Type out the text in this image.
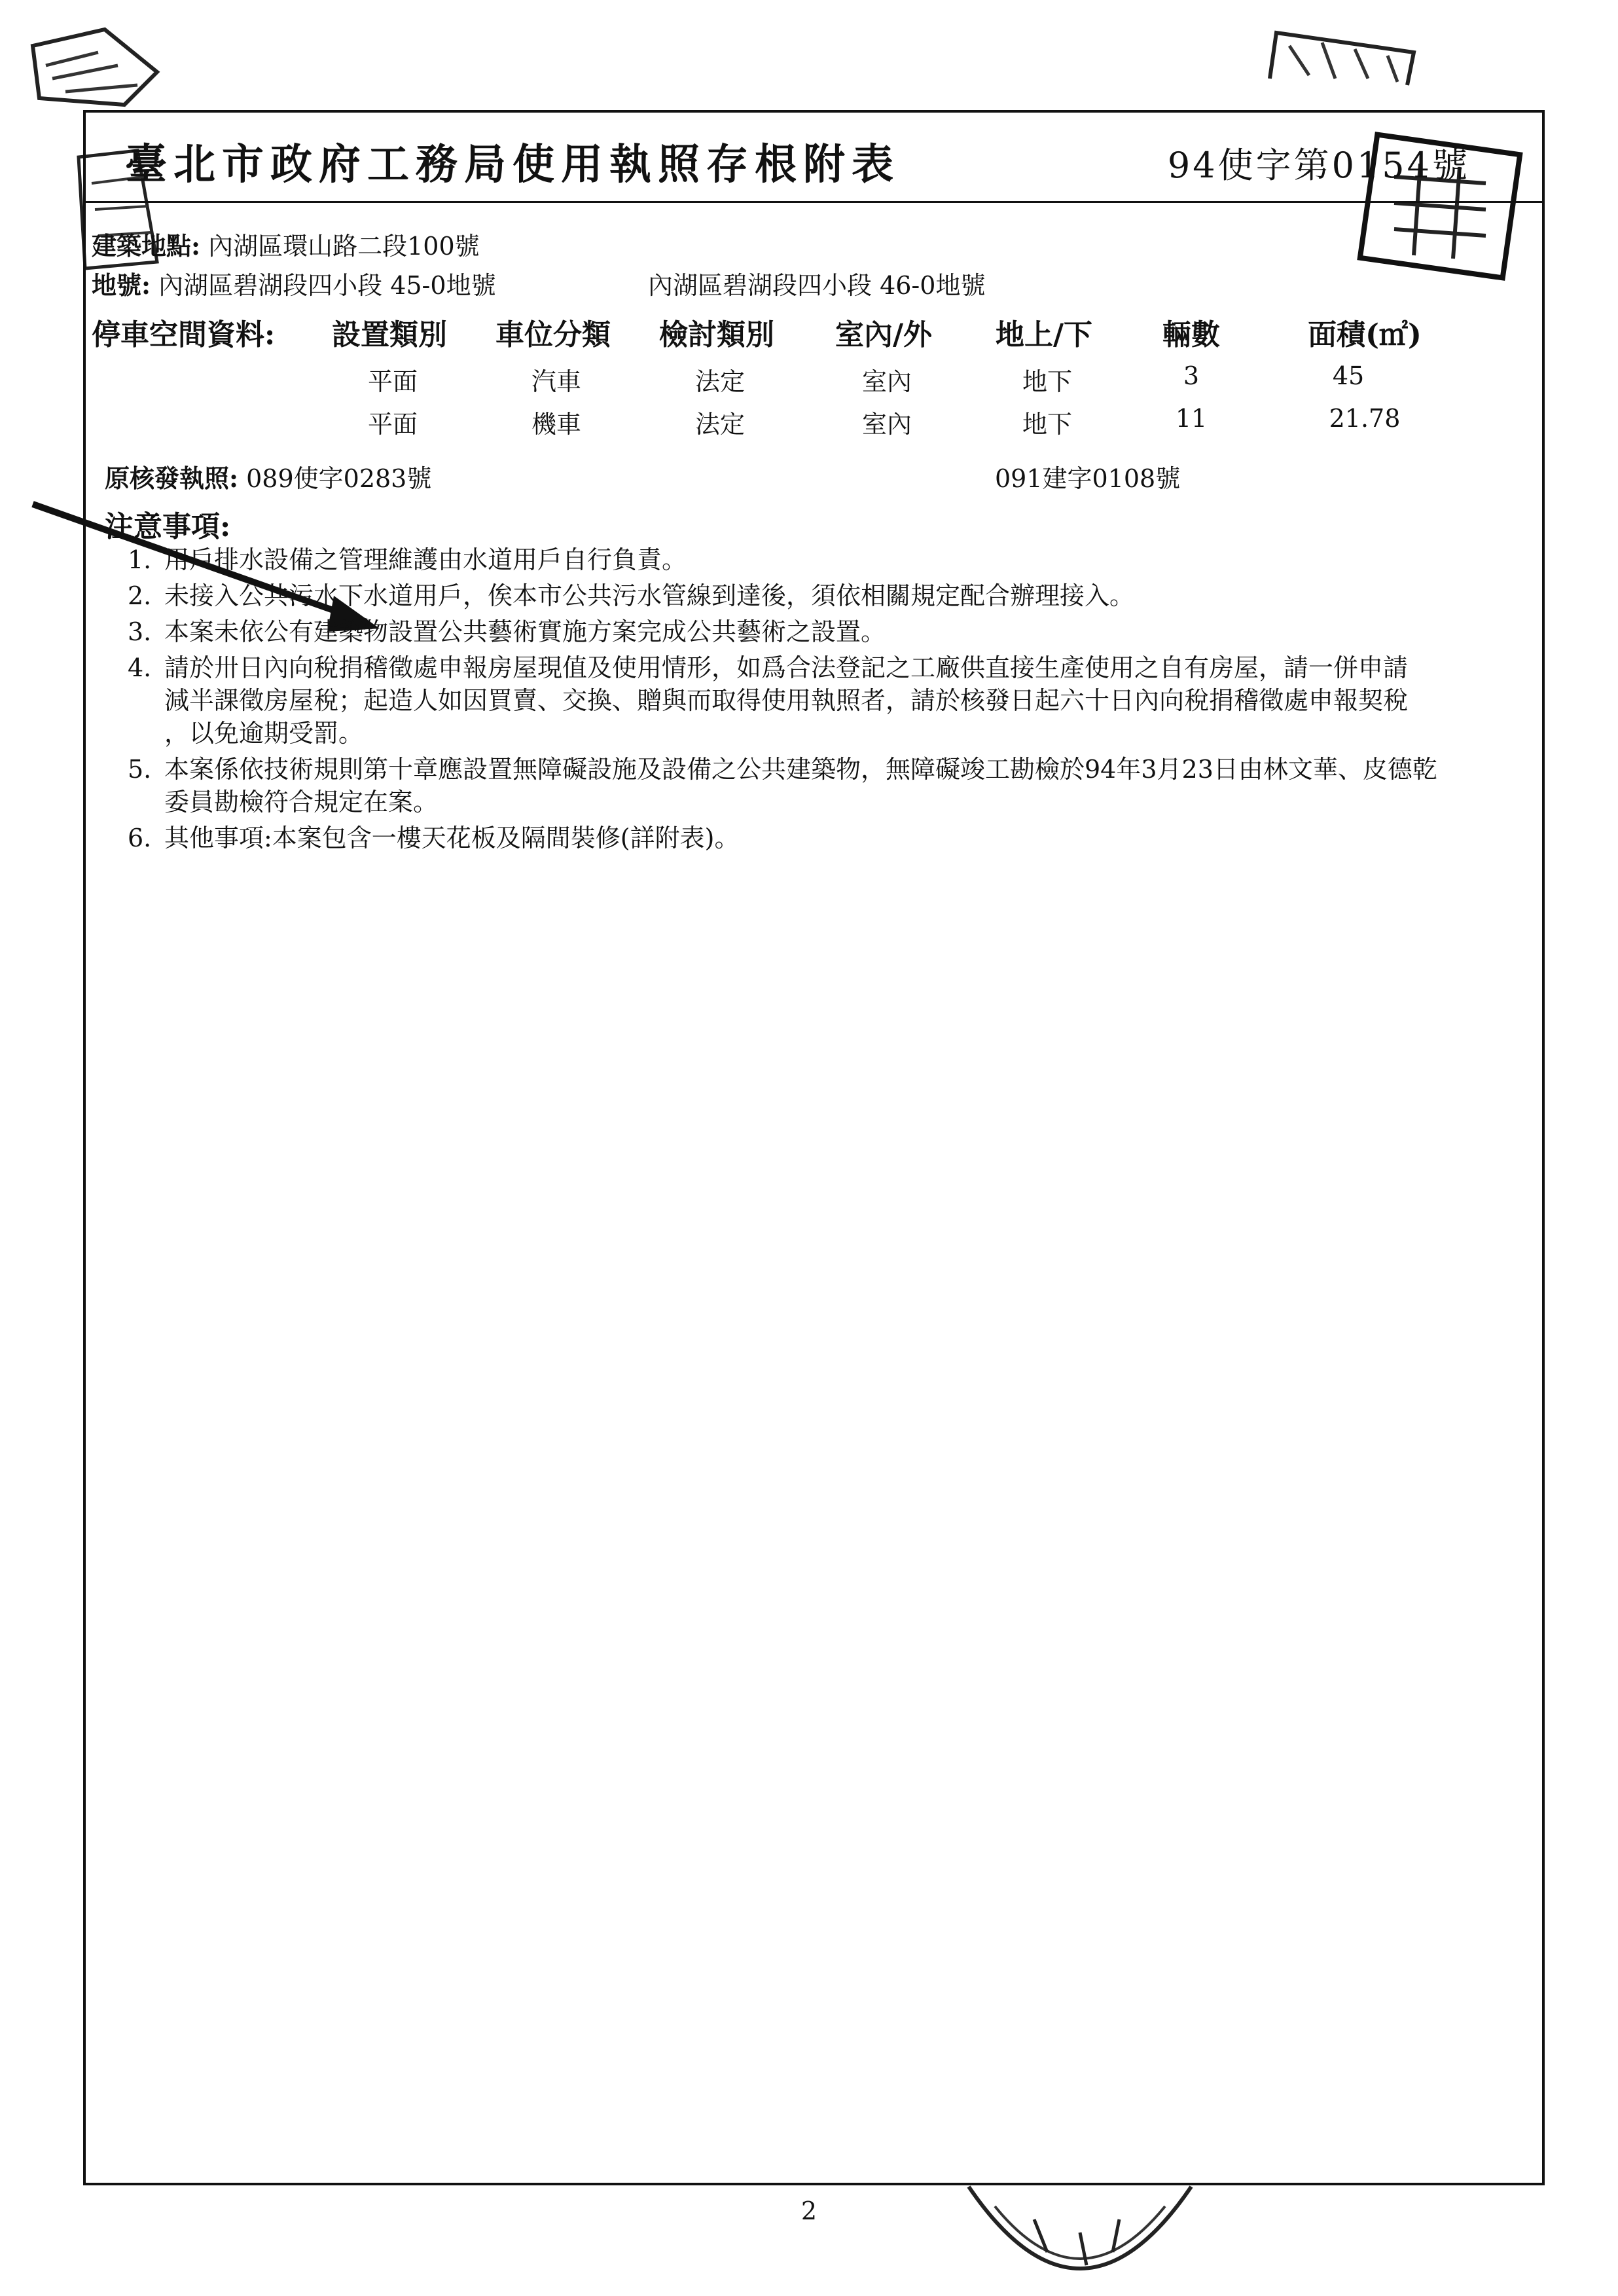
臺北市政府工務局使用執照存根附表	94使字第0154號
建築地點: 內湖區環山路二段100號
地號: 內湖區碧湖段四小段 45-0地號	內湖區碧湖段四小段 46-0地號
停車空間資料: 設置類別 車位分類 檢討類別 室內/外 地上/下 輛數	面積(㎡)
平面	汽車	法定	室內	地下	3	45
平面	機車	法定	室內	地下	11	21.78
原核發執照: 089使字0283號	091建字0108號
注意事項:
1. 用戶排水設備之管理維護由水道用戶自行負責。
2. 未接入公共污水下水道用戶，俟本市公共污水管線到達後，須依相關規定配合辦理接入。
3. 本案未依公有建築物設置公共藝術實施方案完成公共藝術之設置。
4. 請於卅日內向稅捐稽徵處申報房屋現值及使用情形，如爲合法登記之工廠供直接生產使用之自有房屋，請一併申請
減半課徵房屋稅；起造人如因買賣、交換、贈與而取得使用執照者，請於核發日起六十日內向稅捐稽徵處申報契稅
，以免逾期受罰。
5. 本案係依技術規則第十章應設置無障礙設施及設備之公共建築物，無障礙竣工勘檢於94年3月23日由林文華、皮德乾
委員勘檢符合規定在案。
6. 其他事項:本案包含一樓天花板及隔間裝修(詳附表)。
2
